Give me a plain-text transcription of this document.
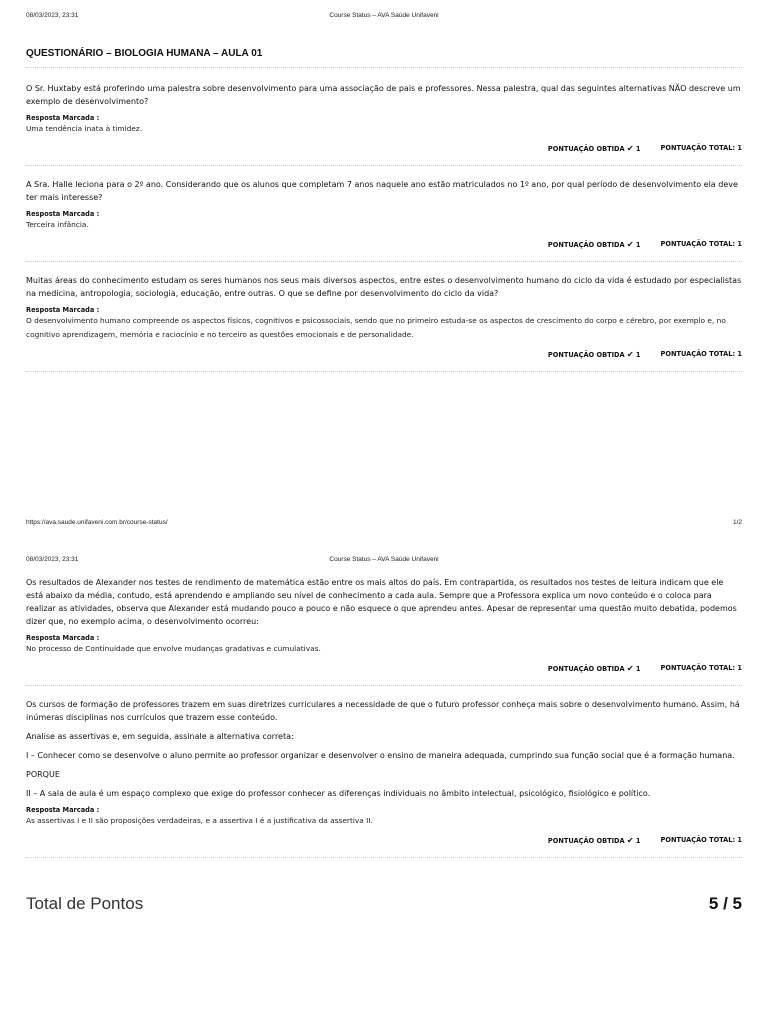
08/03/2023, 23:31	Course Status – AVA Saúde Unifaveni
QUESTIONÁRIO – BIOLOGIA HUMANA – AULA 01

O Sr. Huxtaby está proferindo uma palestra sobre desenvolvimento para uma associação de pais e professores. Nessa palestra, qual das seguintes alternativas NÃO descreve um exemplo de desenvolvimento?

Resposta Marcada :
Uma tendência inata à timidez.
PONTUAÇÃO OBTIDA ✔ 1	PONTUAÇÃO TOTAL: 1

A Sra. Halle leciona para o 2º ano. Considerando que os alunos que completam 7 anos naquele ano estão matriculados no 1º ano, por qual período de desenvolvimento ela deve ter mais interesse?

Resposta Marcada :
Terceira infância.
PONTUAÇÃO OBTIDA ✔ 1	PONTUAÇÃO TOTAL: 1

Muitas áreas do conhecimento estudam os seres humanos nos seus mais diversos aspectos, entre estes o desenvolvimento humano do ciclo da vida é estudado por especialistas na medicina, antropologia, sociologia, educação, entre outras. O que se define por desenvolvimento do ciclo da vida?

Resposta Marcada :
O desenvolvimento humano compreende os aspectos físicos, cognitivos e psicossociais, sendo que no primeiro estuda-se os aspectos de crescimento do corpo e cérebro, por exemplo e, no cognitivo aprendizagem, memória e raciocínio e no terceiro as questões emocionais e de personalidade.
PONTUAÇÃO OBTIDA ✔ 1	PONTUAÇÃO TOTAL: 1
https://ava.saude.unifaveni.com.br/course-status/	1/2
08/03/2023, 23:31	Course Status – AVA Saúde Unifaveni

Os resultados de Alexander nos testes de rendimento de matemática estão entre os mais altos do país. Em contrapartida, os resultados nos testes de leitura indicam que ele está abaixo da média, contudo, está aprendendo e ampliando seu nível de conhecimento a cada aula. Sempre que a Professora explica um novo conteúdo e o coloca para realizar as atividades, observa que Alexander está mudando pouco a pouco e não esquece o que aprendeu antes. Apesar de representar uma questão muito debatida, podemos dizer que, no exemplo acima, o desenvolvimento ocorreu:

Resposta Marcada :
No processo de Continuidade que envolve mudanças gradativas e cumulativas.
PONTUAÇÃO OBTIDA ✔ 1	PONTUAÇÃO TOTAL: 1

Os cursos de formação de professores trazem em suas diretrizes curriculares a necessidade de que o futuro professor conheça mais sobre o desenvolvimento humano. Assim, há inúmeras disciplinas nos currículos que trazem esse conteúdo.

Analise as assertivas e, em seguida, assinale a alternativa correta:

I – Conhecer como se desenvolve o aluno permite ao professor organizar e desenvolver o ensino de maneira adequada, cumprindo sua função social que é a formação humana.

PORQUE

II – A sala de aula é um espaço complexo que exige do professor conhecer as diferenças individuais no âmbito intelectual, psicológico, fisiológico e político.

Resposta Marcada :
As assertivas I e II são proposições verdadeiras, e a assertiva I é a justificativa da assertiva II.
PONTUAÇÃO OBTIDA ✔ 1	PONTUAÇÃO TOTAL: 1
Total de Pontos	5 / 5
